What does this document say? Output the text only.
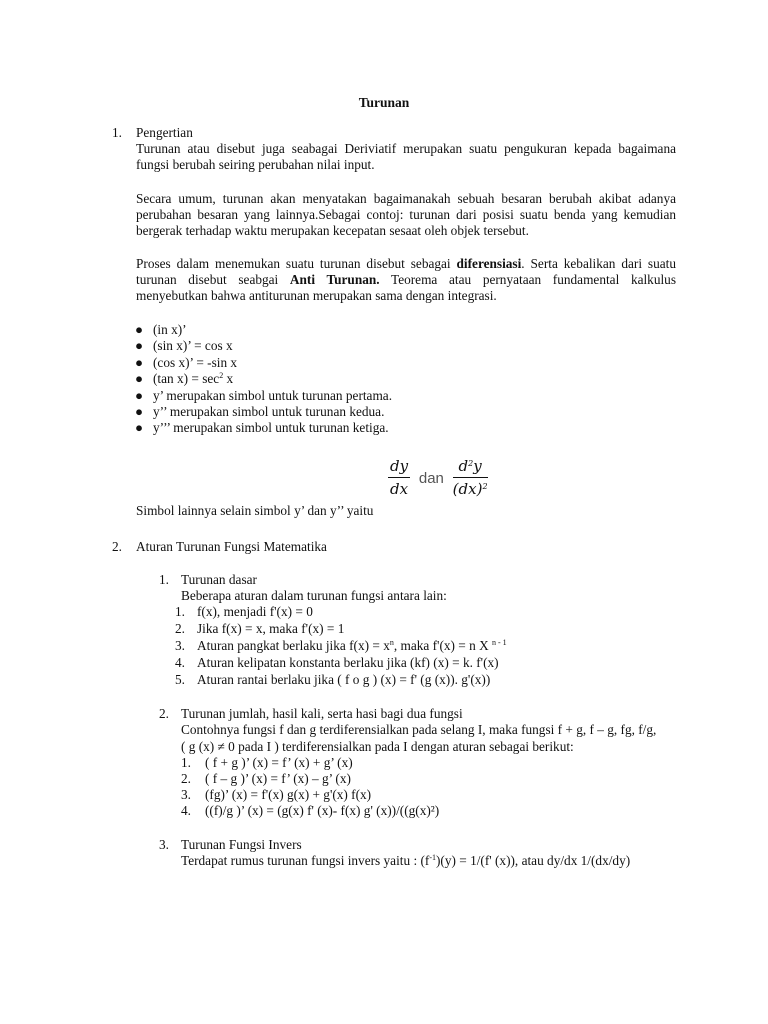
Turunan
1.	Pengertian
Turunan atau disebut juga seabagai Deriviatif merupakan suatu pengukuran kepada bagaimana
fungsi berubah seiring perubahan nilai input.
Secara umum, turunan akan menyatakan bagaimanakah sebuah besaran berubah akibat adanya
perubahan besaran yang lainnya.Sebagai contoj: turunan dari posisi suatu benda yang kemudian
bergerak terhadap waktu merupakan kecepatan sesaat oleh objek tersebut.
Proses dalam menemukan suatu turunan disebut sebagai diferensiasi. Serta kebalikan dari suatu
turunan disebut seabgai Anti Turunan. Teorema atau pernyataan fundamental kalkulus
menyebutkan bahwa antiturunan merupakan sama dengan integrasi.
● (in x)’
● (sin x)’ = cos x
● (cos x)’ = -sin x
● (tan $x) = \sec^2 x$
● y’ merupakan simbol untuk turunan pertama.
● y’’ merupakan simbol untuk turunan kedua.
● y’’’ merupakan simbol untuk turunan ketiga.
$\frac{dy}{dx}$ dan $\frac{d^2y}{(dx)^2}$
Simbol lainnya selain simbol y’ dan y’’ yaitu
2.	Aturan Turunan Fungsi Matematika
1. Turunan dasar
Beberapa aturan dalam turunan fungsi antara lain:
1. f(x), menjadi f'(x) = 0
2. Jika f(x) = x, maka f'(x) = 1
3. Aturan pangkat berlaku jika $f(x) = x^n$, maka f'(x) = n X $^{n - 1}$
4. Aturan kelipatan konstanta berlaku jika (kf) (x) = k. f'(x)
5. Aturan rantai berlaku jika ( f o g ) (x) = f' (g (x)). g'(x))
2. Turunan jumlah, hasil kali, serta hasi bagi dua fungsi
Contohnya fungsi f dan g terdiferensialkan pada selang I, maka fungsi f + g, f – g, fg, f/g,
( g (x) ≠ 0 pada I ) terdiferensialkan pada I dengan aturan sebagai berikut:
1. ( f + g )’ (x) = f’ (x) + g’ (x)
2. ( f – g )’ (x) = f’ (x) – g’ (x)
3. (fg)’ (x) = f'(x) g(x) + g'(x) f(x)
4. ((f)/g )’ (x) = (g(x) f' (x)- f(x) g' (x))/((g(x)²)
3. Turunan Fungsi Invers
Terdapat rumus turunan fungsi invers yaitu : $(f^{-1})(y) = 1/(f'$ (x)), atau dy/dx 1/(dx/dy)
